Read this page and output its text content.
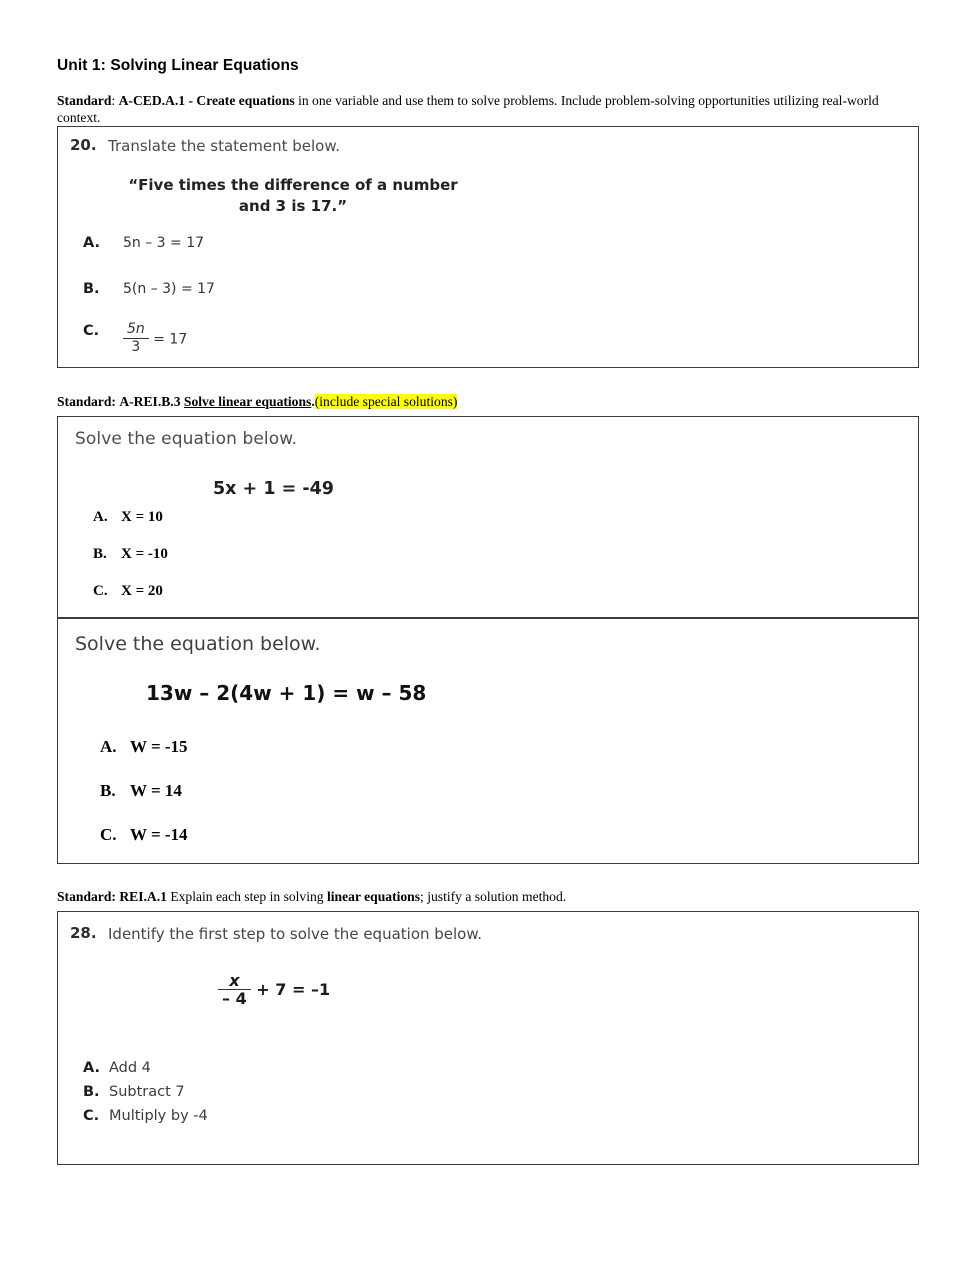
Unit 1: Solving Linear Equations
Standard: A-CED.A.1 - Create equations in one variable and use them to solve problems. Include problem-solving opportunities utilizing real-world context.
Standard: A-REI.B.3 Solve linear equations.(include special solutions)
Standard: REI.A.1 Explain each step in solving linear equations; justify a solution method.
20. Translate the statement below.
“Five times the difference of a number and 3 is 17.”
A. 5n – 3 = 17
B. 5(n – 3) = 17
C. $\frac{5n}{3} = 17$
Solve the equation below.
5x + 1 = -49
A. X = 10
B. X = -10
C. X = 20
Solve the equation below.
13w – 2(4w + 1) = w – 58
A. W = -15
B. W = 14
C. W = -14
28. Identify the first step to solve the equation below.
$\frac{x}{- 4} + 7 = -1$
A. Add 4
B. Subtract 7
C. Multiply by -4
